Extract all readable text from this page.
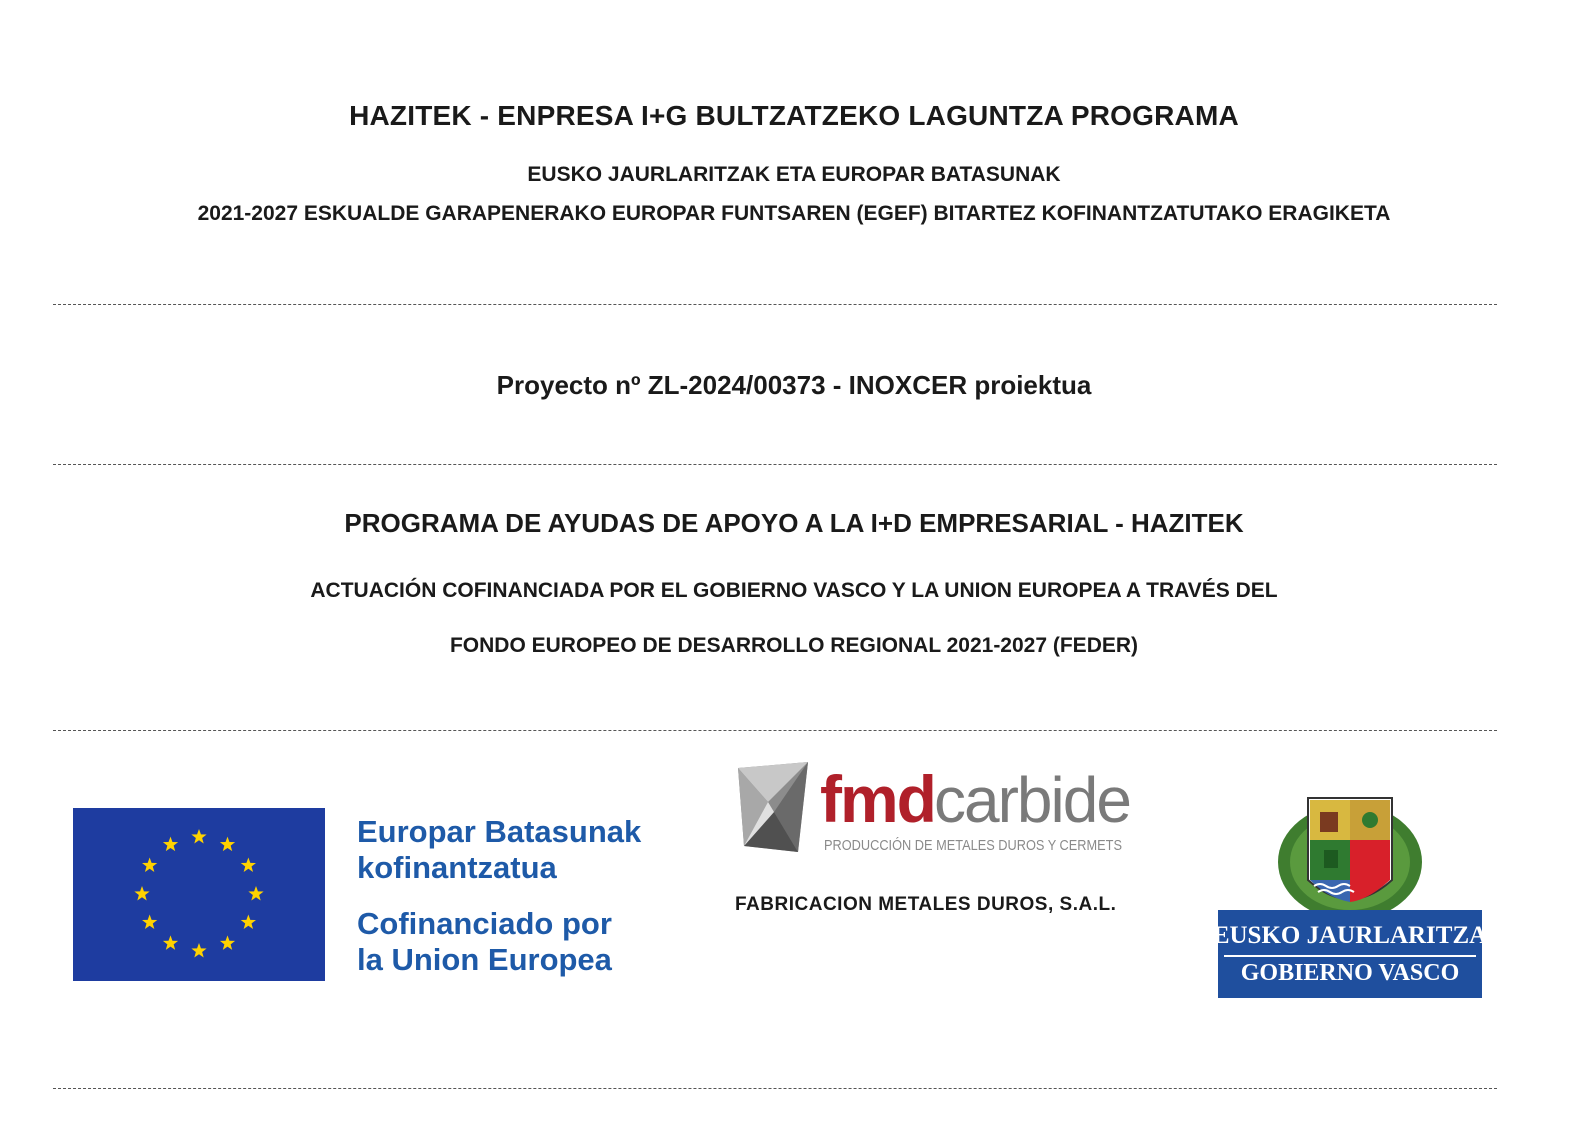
HAZITEK - ENPRESA I+G BULTZATZEKO LAGUNTZA PROGRAMA
EUSKO JAURLARITZAK ETA EUROPAR BATASUNAK
2021-2027 ESKUALDE GARAPENERAKO EUROPAR FUNTSAREN (EGEF) BITARTEZ KOFINANTZATUTAKO ERAGIKETA
Proyecto nº ZL-2024/00373 - INOXCER proiektua
PROGRAMA DE AYUDAS DE APOYO A LA I+D EMPRESARIAL - HAZITEK
ACTUACIÓN COFINANCIADA POR EL GOBIERNO VASCO Y LA UNION EUROPEA A TRAVÉS DEL
FONDO EUROPEO DE DESARROLLO REGIONAL 2021-2027 (FEDER)
Europar Batasunak
kofinantzatua
Cofinanciado por
la Union Europea
fmd carbide
PRODUCCIÓN DE METALES DUROS Y CERMETS
FABRICACION METALES DUROS, S.A.L.
EUSKO JAURLARITZA
GOBIERNO VASCO
